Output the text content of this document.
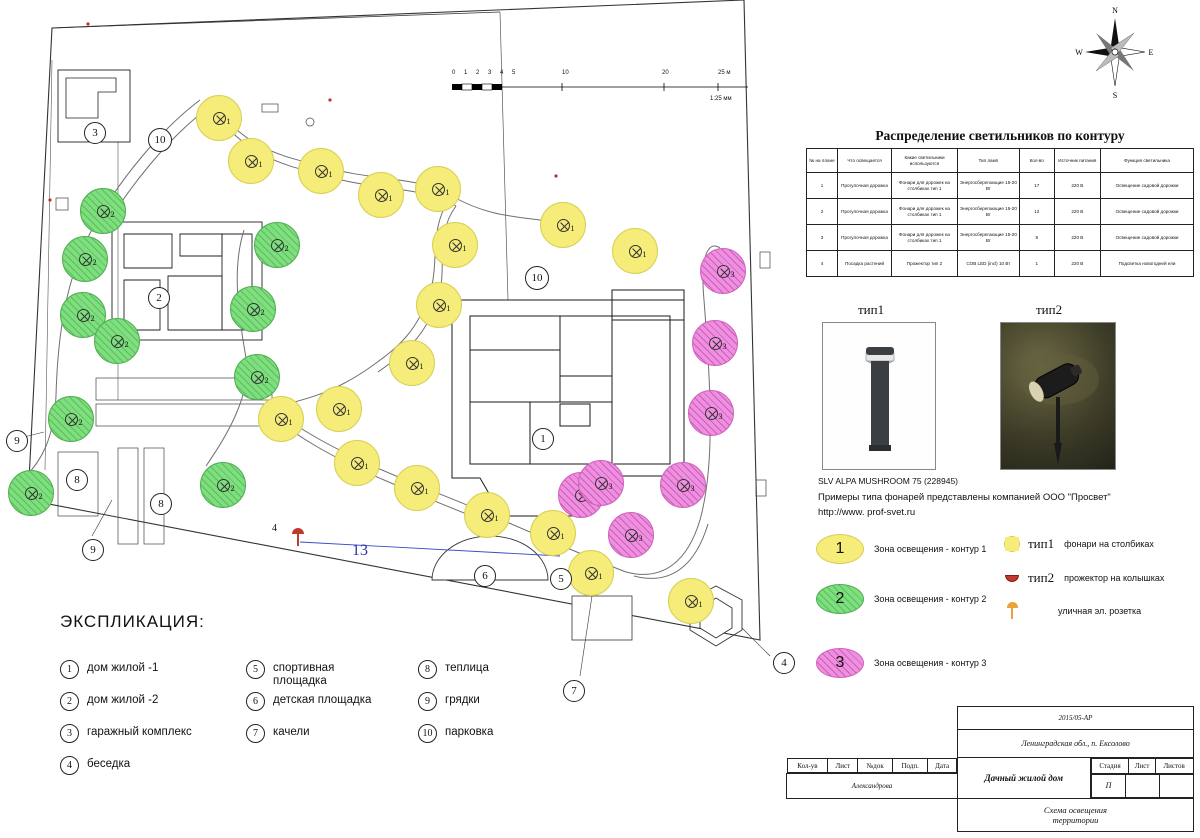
1
1
1
1
1
1
1
1
1
1
1
1
1
1
1
1
1
1
2
2
2
2
2
2
2
2
2
2
3
3
3
3	3
3
3
10
2
10
1
9
8
8
9
6	5
7
4
4
13
N
S
W	E
0 1 2 3 4 5	10	20	25 м
1:25 мм
Распределение светильников по контуру
№ на плане	Что освещается	Какие светильники используются	Тип ламп	Кол-во	Источник питания	Функция светильника
1	Прогулочная дорожка	Фонари для дорожек на столбиках тип 1	Энергосберегающие 15-20 Вт	17	220 В	Освещение садовой дорожки
2	Прогулочная дорожка	Фонари для дорожек на столбиках тип 1	Энергосберегающие 15-20 Вт	12	220 В	Освещение садовой дорожки
3	Прогулочная дорожка	Фонари для дорожек на столбиках тип 1	Энергосберегающие 15-20 Вт	8	220 В	Освещение садовой дорожки
4	Посадка растений	Прожектор тип 2	COB LED (incl) 10 Вт	1	220 В	Подсветка новогодней ели
тип1	тип2
SLV ALPA MUSHROOM 75 (228945)
Примеры типа фонарей представлены компанией ООО "Просвет"
http://www. prof-svet.ru
1	Зона освещения - контур 1
2	Зона освещения - контур 2
3	Зона освещения - контур 3
тип1 фонари на столбиках
тип2 прожектор на колышках
уличная эл. розетка
ЭКСПЛИКАЦИЯ:
1	дом жилой -1
2	дом жилой -2
3	гаражный комплекс
4	беседка
5	спортивная
площадка
6	детская площадка
7	качели
8	теплица
9	грядки
10	парковка
	2015/05-АР
	Ленинградская обл., п. Ексолово

Кол-ув	Лист	№док	Подп.	Дата
	Дачный жилой дом	
Стадия	Лист	Листов

Александрова		П		

Схема освещения
территории
